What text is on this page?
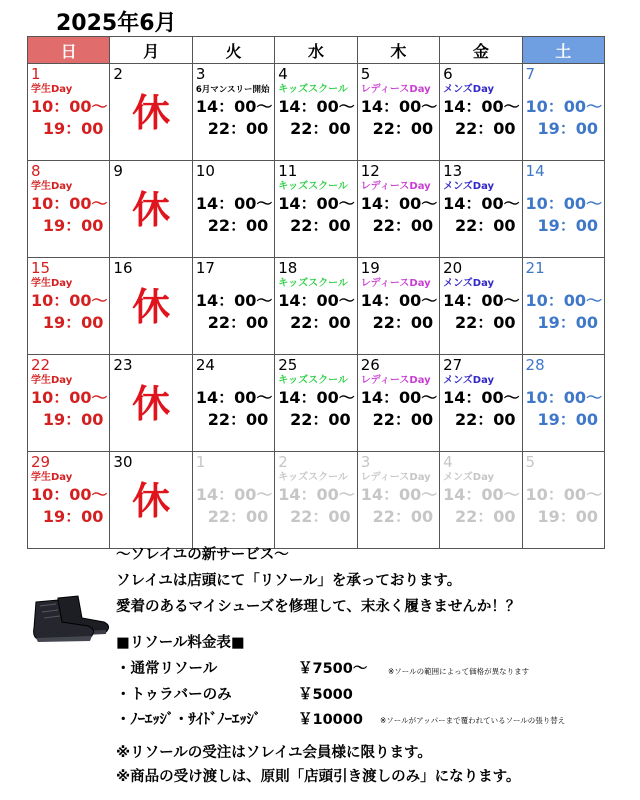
2025年6月
日	月	火	水	木	金	土

1
学生Day
10：00〜
19：00	2
休	3
6月マンスリー開始
14：00〜
22：00	4
キッズスクール
14：00〜
22：00	5
レディースDay
14：00〜
22：00	6
メンズDay
14：00〜
22：00	7
10：00〜
19：00

8
学生Day
10：00〜
19：00	9
休	10
14：00〜
22：00	11
キッズスクール
14：00〜
22：00	12
レディースDay
14：00〜
22：00	13
メンズDay
14：00〜
22：00	14
10：00〜
19：00

15
学生Day
10：00〜
19：00	16
休	17
14：00〜
22：00	18
キッズスクール
14：00〜
22：00	19
レディースDay
14：00〜
22：00	20
メンズDay
14：00〜
22：00	21
10：00〜
19：00

22
学生Day
10：00〜
19：00	23
休	24
14：00〜
22：00	25
キッズスクール
14：00〜
22：00	26
レディースDay
14：00〜
22：00	27
メンズDay
14：00〜
22：00	28
10：00〜
19：00

29
学生Day
10：00〜
19：00	30
休	1
14：00〜
22：00	2
キッズスクール
14：00〜
22：00	3
レディースDay
14：00〜
22：00	4
メンズDay
14：00〜
22：00	5
10：00〜
19：00
〜ソレイユの新サービス〜
ソレイユは店頭にて「リソール」を承っております。
愛着のあるマイシューズを修理して、末永く履きませんか！？
■リソール料金表■
・通常リソール	￥7500〜	※ソールの範囲によって価格が異なります
・トゥラバーのみ	￥5000
・ﾉｰｴｯｼﾞ・ｻｲﾄﾞﾉｰｴｯｼﾞ	￥10000 ※ソールがアッパーまで覆われているソールの張り替え
※リソールの受注はソレイユ会員様に限ります。
※商品の受け渡しは、原則「店頭引き渡しのみ」になります。
